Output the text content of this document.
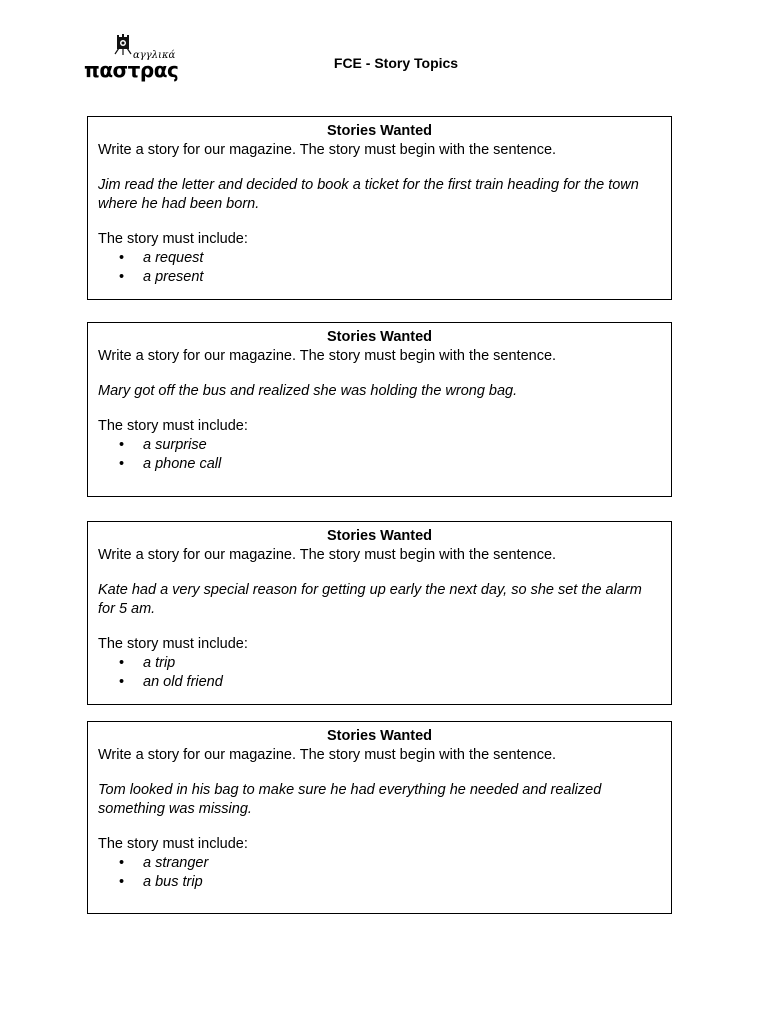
αγγλικά
παστρας	FCE - Story Topics

Stories Wanted

Write a story for our magazine. The story must begin with the sentence.

Jim read the letter and decided to book a ticket for the first train heading for the town where he had been born.

The story must include:

• a request
• a present

Stories Wanted

Write a story for our magazine. The story must begin with the sentence.

Mary got off the bus and realized she was holding the wrong bag.

The story must include:

• a surprise
• a phone call

Stories Wanted

Write a story for our magazine. The story must begin with the sentence.

Kate had a very special reason for getting up early the next day, so she set the alarm for 5 am.

The story must include:

• a trip
• an old friend

Stories Wanted

Write a story for our magazine. The story must begin with the sentence.

Tom looked in his bag to make sure he had everything he needed and realized something was missing.

The story must include:

• a stranger
• a bus trip
